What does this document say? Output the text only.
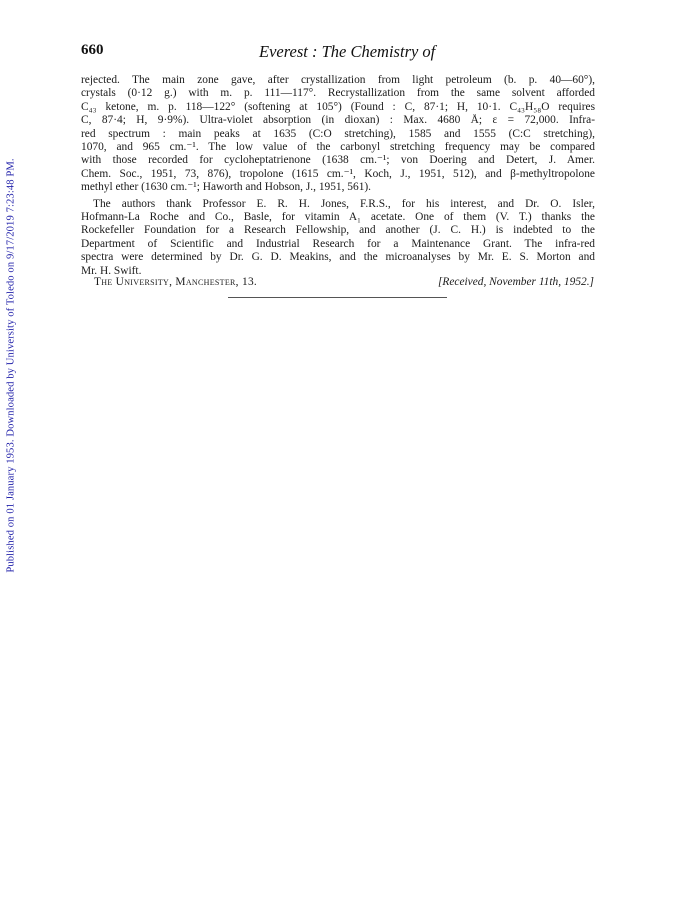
Published on 01 January 1953. Downloaded by University of Toledo on 9/17/2019 7:23:48 PM.
660	Everest : The Chemistry of

rejected. The main zone gave, after crystallization from light petroleum (b. p. 40—60°),
crystals (0·12 g.) with m. p. 111—117°. Recrystallization from the same solvent afforded
C₄₃ ketone, m. p. 118—122° (softening at 105°) (Found : C, 87·1; H, 10·1. C₄₃H₅₈O requires
C, 87·4; H, 9·9%). Ultra-violet absorption (in dioxan) : Max. 4680 Å; ε = 72,000. Infra-
red spectrum : main peaks at 1635 (C:O stretching), 1585 and 1555 (C:C stretching),
1070, and 965 cm.⁻¹. The low value of the carbonyl stretching frequency may be compared
with those recorded for cycloheptatrienone (1638 cm.⁻¹; von Doering and Detert, J. Amer.
Chem. Soc., 1951, 73, 876), tropolone (1615 cm.⁻¹, Koch, J., 1951, 512), and β-methyltropolone
methyl ether (1630 cm.⁻¹; Haworth and Hobson, J., 1951, 561).

The authors thank Professor E. R. H. Jones, F.R.S., for his interest, and Dr. O. Isler,
Hofmann-La Roche and Co., Basle, for vitamin A₁ acetate. One of them (V. T.) thanks the
Rockefeller Foundation for a Research Fellowship, and another (J. C. H.) is indebted to the
Department of Scientific and Industrial Research for a Maintenance Grant. The infra-red
spectra were determined by Dr. G. D. Meakins, and the microanalyses by Mr. E. S. Morton and
Mr. H. Swift.

The University, Manchester, 13.	[Received, November 11th, 1952.]
